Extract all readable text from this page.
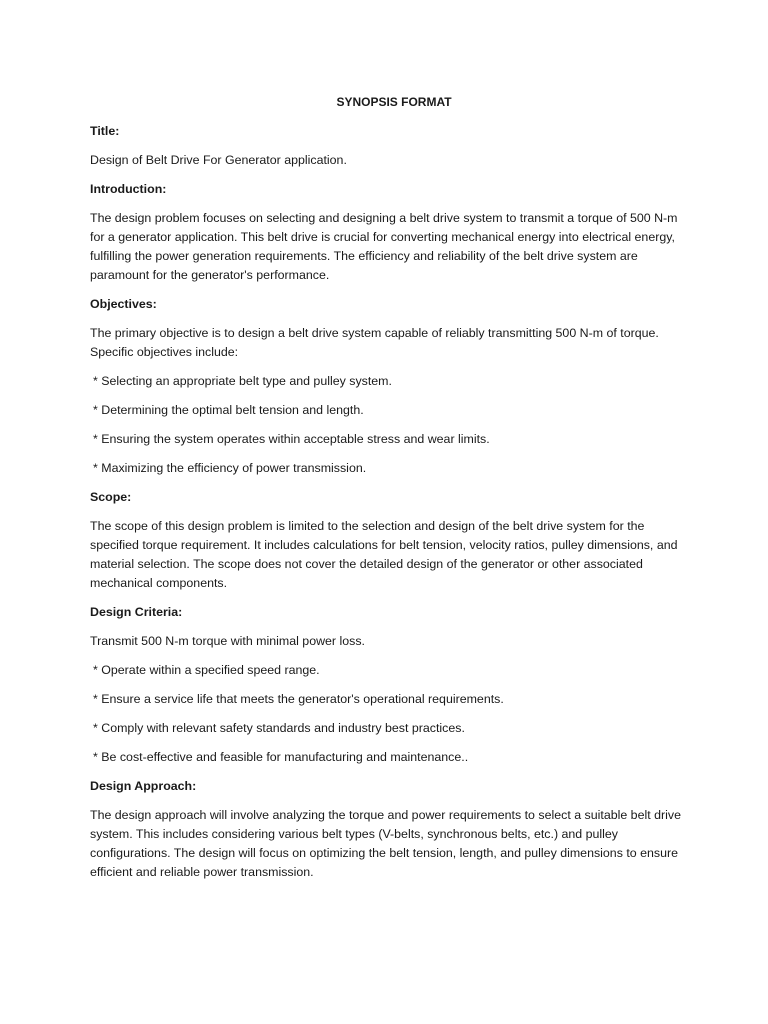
SYNOPSIS FORMAT
Title:
Design of Belt Drive For Generator application.
Introduction:
The design problem focuses on selecting and designing a belt drive system to transmit a torque of 500 N-m for a generator application. This belt drive is crucial for converting mechanical energy into electrical energy, fulfilling the power generation requirements. The efficiency and reliability of the belt drive system are paramount for the generator's performance.
Objectives:
The primary objective is to design a belt drive system capable of reliably transmitting 500 N-m of torque. Specific objectives include:
* Selecting an appropriate belt type and pulley system.
* Determining the optimal belt tension and length.
* Ensuring the system operates within acceptable stress and wear limits.
* Maximizing the efficiency of power transmission.
Scope:
The scope of this design problem is limited to the selection and design of the belt drive system for the specified torque requirement. It includes calculations for belt tension, velocity ratios, pulley dimensions, and material selection. The scope does not cover the detailed design of the generator or other associated mechanical components.
Design Criteria:
Transmit 500 N-m torque with minimal power loss.
* Operate within a specified speed range.
* Ensure a service life that meets the generator's operational requirements.
* Comply with relevant safety standards and industry best practices.
* Be cost-effective and feasible for manufacturing and maintenance..
Design Approach:
The design approach will involve analyzing the torque and power requirements to select a suitable belt drive system. This includes considering various belt types (V-belts, synchronous belts, etc.) and pulley configurations. The design will focus on optimizing the belt tension, length, and pulley dimensions to ensure efficient and reliable power transmission.
